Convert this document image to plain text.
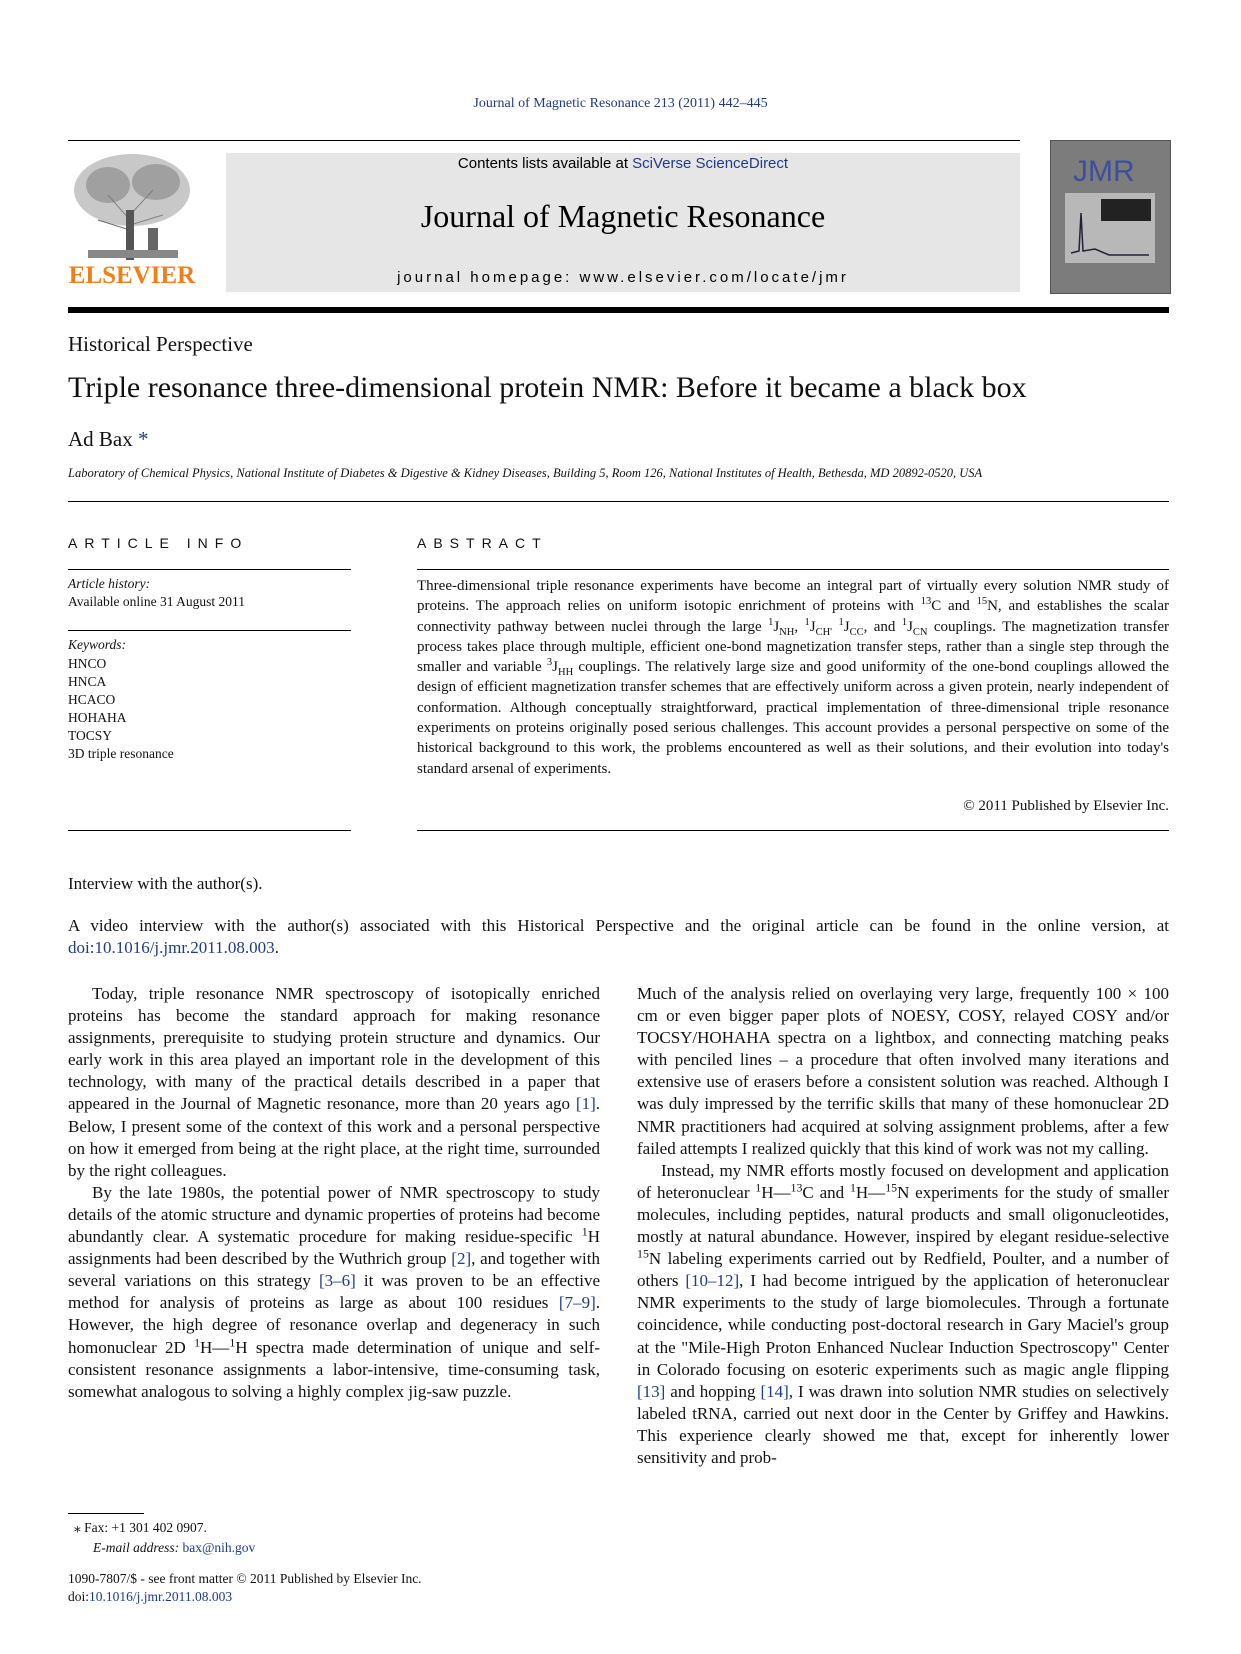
Journal of Magnetic Resonance 213 (2011) 442–445
ELSEVIER
Contents lists available at SciVerse ScienceDirect
Journal of Magnetic Resonance
journal homepage: www.elsevier.com/locate/jmr
JMR
Historical Perspective
Triple resonance three-dimensional protein NMR: Before it became a black box
Ad Bax *
Laboratory of Chemical Physics, National Institute of Diabetes & Digestive & Kidney Diseases, Building 5, Room 126, National Institutes of Health, Bethesda, MD 20892-0520, USA
ARTICLE INFO
Article history:
Available online 31 August 2011
Keywords:
HNCO
HNCA
HCACO
HOHAHA
TOCSY
3D triple resonance
ABSTRACT
Three-dimensional triple resonance experiments have become an integral part of virtually every solution NMR study of proteins. The approach relies on uniform isotopic enrichment of proteins with $^{13}$C and $^{15}$N, and establishes the scalar connectivity pathway between nuclei through the large $^1J_{NH}$, $^1J_{CH'}$ $^1J_{CC}$, and $^1J_{CN}$ couplings. The magnetization transfer process takes place through multiple, efficient one-bond magnetization transfer steps, rather than a single step through the smaller and variable $^3J_{HH}$ couplings. The relatively large size and good uniformity of the one-bond couplings allowed the design of efficient magnetization transfer schemes that are effectively uniform across a given protein, nearly independent of conformation. Although conceptually straightforward, practical implementation of three-dimensional triple resonance experiments on proteins originally posed serious challenges. This account provides a personal perspective on some of the historical background to this work, the problems encountered as well as their solutions, and their evolution into today's standard arsenal of experiments.
© 2011 Published by Elsevier Inc.
Interview with the author(s).
A video interview with the author(s) associated with this Historical Perspective and the original article can be found in the online version, at doi:10.1016/j.jmr.2011.08.003.

Today, triple resonance NMR spectroscopy of isotopically enriched proteins has become the standard approach for making resonance assignments, prerequisite to studying protein structure and dynamics. Our early work in this area played an important role in the development of this technology, with many of the practical details described in a paper that appeared in the Journal of Magnetic resonance, more than 20 years ago [1]. Below, I present some of the context of this work and a personal perspective on how it emerged from being at the right place, at the right time, surrounded by the right colleagues.

By the late 1980s, the potential power of NMR spectroscopy to study details of the atomic structure and dynamic properties of proteins had become abundantly clear. A systematic procedure for making residue-specific $^1$H assignments had been described by the Wuthrich group [2], and together with several variations on this strategy [3–6] it was proven to be an effective method for analysis of proteins as large as about 100 residues [7–9]. However, the high degree of resonance overlap and degeneracy in such homonuclear 2D $^1$H—$^1$H spectra made determination of unique and self-consistent resonance assignments a labor-intensive, time-consuming task, somewhat analogous to solving a highly complex jig-saw puzzle.

Much of the analysis relied on overlaying very large, frequently 100 × 100 cm or even bigger paper plots of NOESY, COSY, relayed COSY and/or TOCSY/HOHAHA spectra on a lightbox, and connecting matching peaks with penciled lines – a procedure that often involved many iterations and extensive use of erasers before a consistent solution was reached. Although I was duly impressed by the terrific skills that many of these homonuclear 2D NMR practitioners had acquired at solving assignment problems, after a few failed attempts I realized quickly that this kind of work was not my calling.

Instead, my NMR efforts mostly focused on development and application of heteronuclear $^1$H—$^{13}$C and $^1$H—$^{15}$N experiments for the study of smaller molecules, including peptides, natural products and small oligonucleotides, mostly at natural abundance. However, inspired by elegant residue-selective $^{15}$N labeling experiments carried out by Redfield, Poulter, and a number of others [10–12], I had become intrigued by the application of heteronuclear NMR experiments to the study of large biomolecules. Through a fortunate coincidence, while conducting post-doctoral research in Gary Maciel's group at the "Mile-High Proton Enhanced Nuclear Induction Spectroscopy" Center in Colorado focusing on esoteric experiments such as magic angle flipping [13] and hopping [14], I was drawn into solution NMR studies on selectively labeled tRNA, carried out next door in the Center by Griffey and Hawkins. This experience clearly showed me that, except for inherently lower sensitivity and prob-

⁎ Fax: +1 301 402 0907.
E-mail address: bax@nih.gov
1090-7807/$ - see front matter © 2011 Published by Elsevier Inc.
doi:10.1016/j.jmr.2011.08.003
